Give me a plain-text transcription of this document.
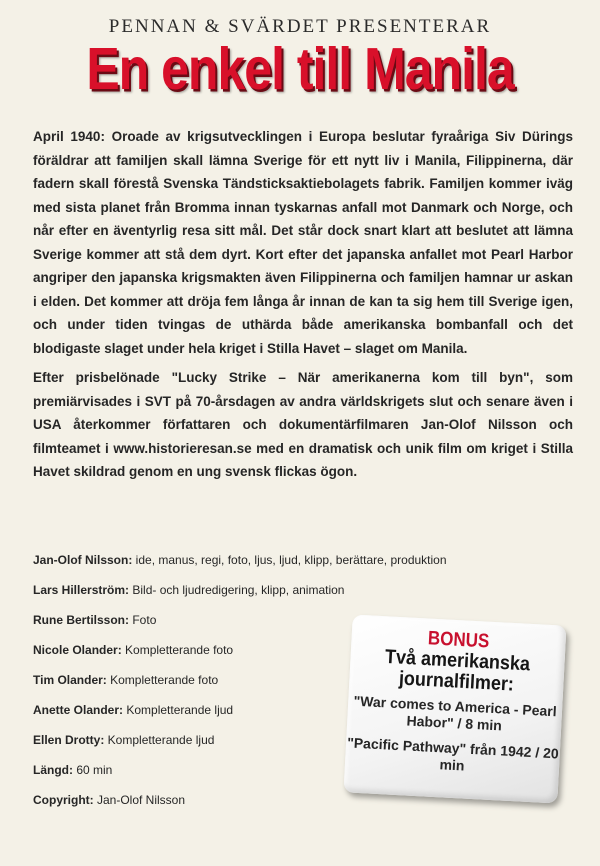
PENNAN & SVÄRDET PRESENTERAR
En enkel till Manila

April 1940: Oroade av krigsutvecklingen i Europa beslutar fyraåriga Siv Dürings föräldrar att familjen skall lämna Sverige för ett nytt liv i Manila, Filippinerna, där fadern skall förestå Svenska Tändsticksaktiebolagets fabrik. Familjen kommer iväg med sista planet från Bromma innan tyskarnas anfall mot Danmark och Norge, och når efter en äventyrlig resa sitt mål. Det står dock snart klart att beslutet att lämna Sverige kommer att stå dem dyrt. Kort efter det japanska anfallet mot Pearl Harbor angriper den japanska krigsmakten även Filippinerna och familjen hamnar ur askan i elden. Det kommer att dröja fem långa år innan de kan ta sig hem till Sverige igen, och under tiden tvingas de uthärda både amerikanska bombanfall och det blodigaste slaget under hela kriget i Stilla Havet – slaget om Manila.

Efter prisbelönade "Lucky Strike – När amerikanerna kom till byn", som premiärvisades i SVT på 70-årsdagen av andra världskrigets slut och senare även i USA återkommer författaren och dokumentärfilmaren Jan-Olof Nilsson och filmteamet i www.historieresan.se med en dramatisk och unik film om kriget i Stilla Havet skildrad genom en ung svensk flickas ögon.

Jan-Olof Nilsson: ide, manus, regi, foto, ljus, ljud, klipp, berättare, produktion
Lars Hillerström: Bild- och ljudredigering, klipp, animation
Rune Bertilsson: Foto
Nicole Olander: Kompletterande foto
Tim Olander: Kompletterande foto
Anette Olander: Kompletterande ljud
Ellen Drotty: Kompletterande ljud
Längd: 60 min
Copyright: Jan-Olof Nilsson
BONUS
Två amerikanska journalfilmer:
"War comes to America - Pearl Habor" / 8 min
"Pacific Pathway" från 1942 / 20 min
